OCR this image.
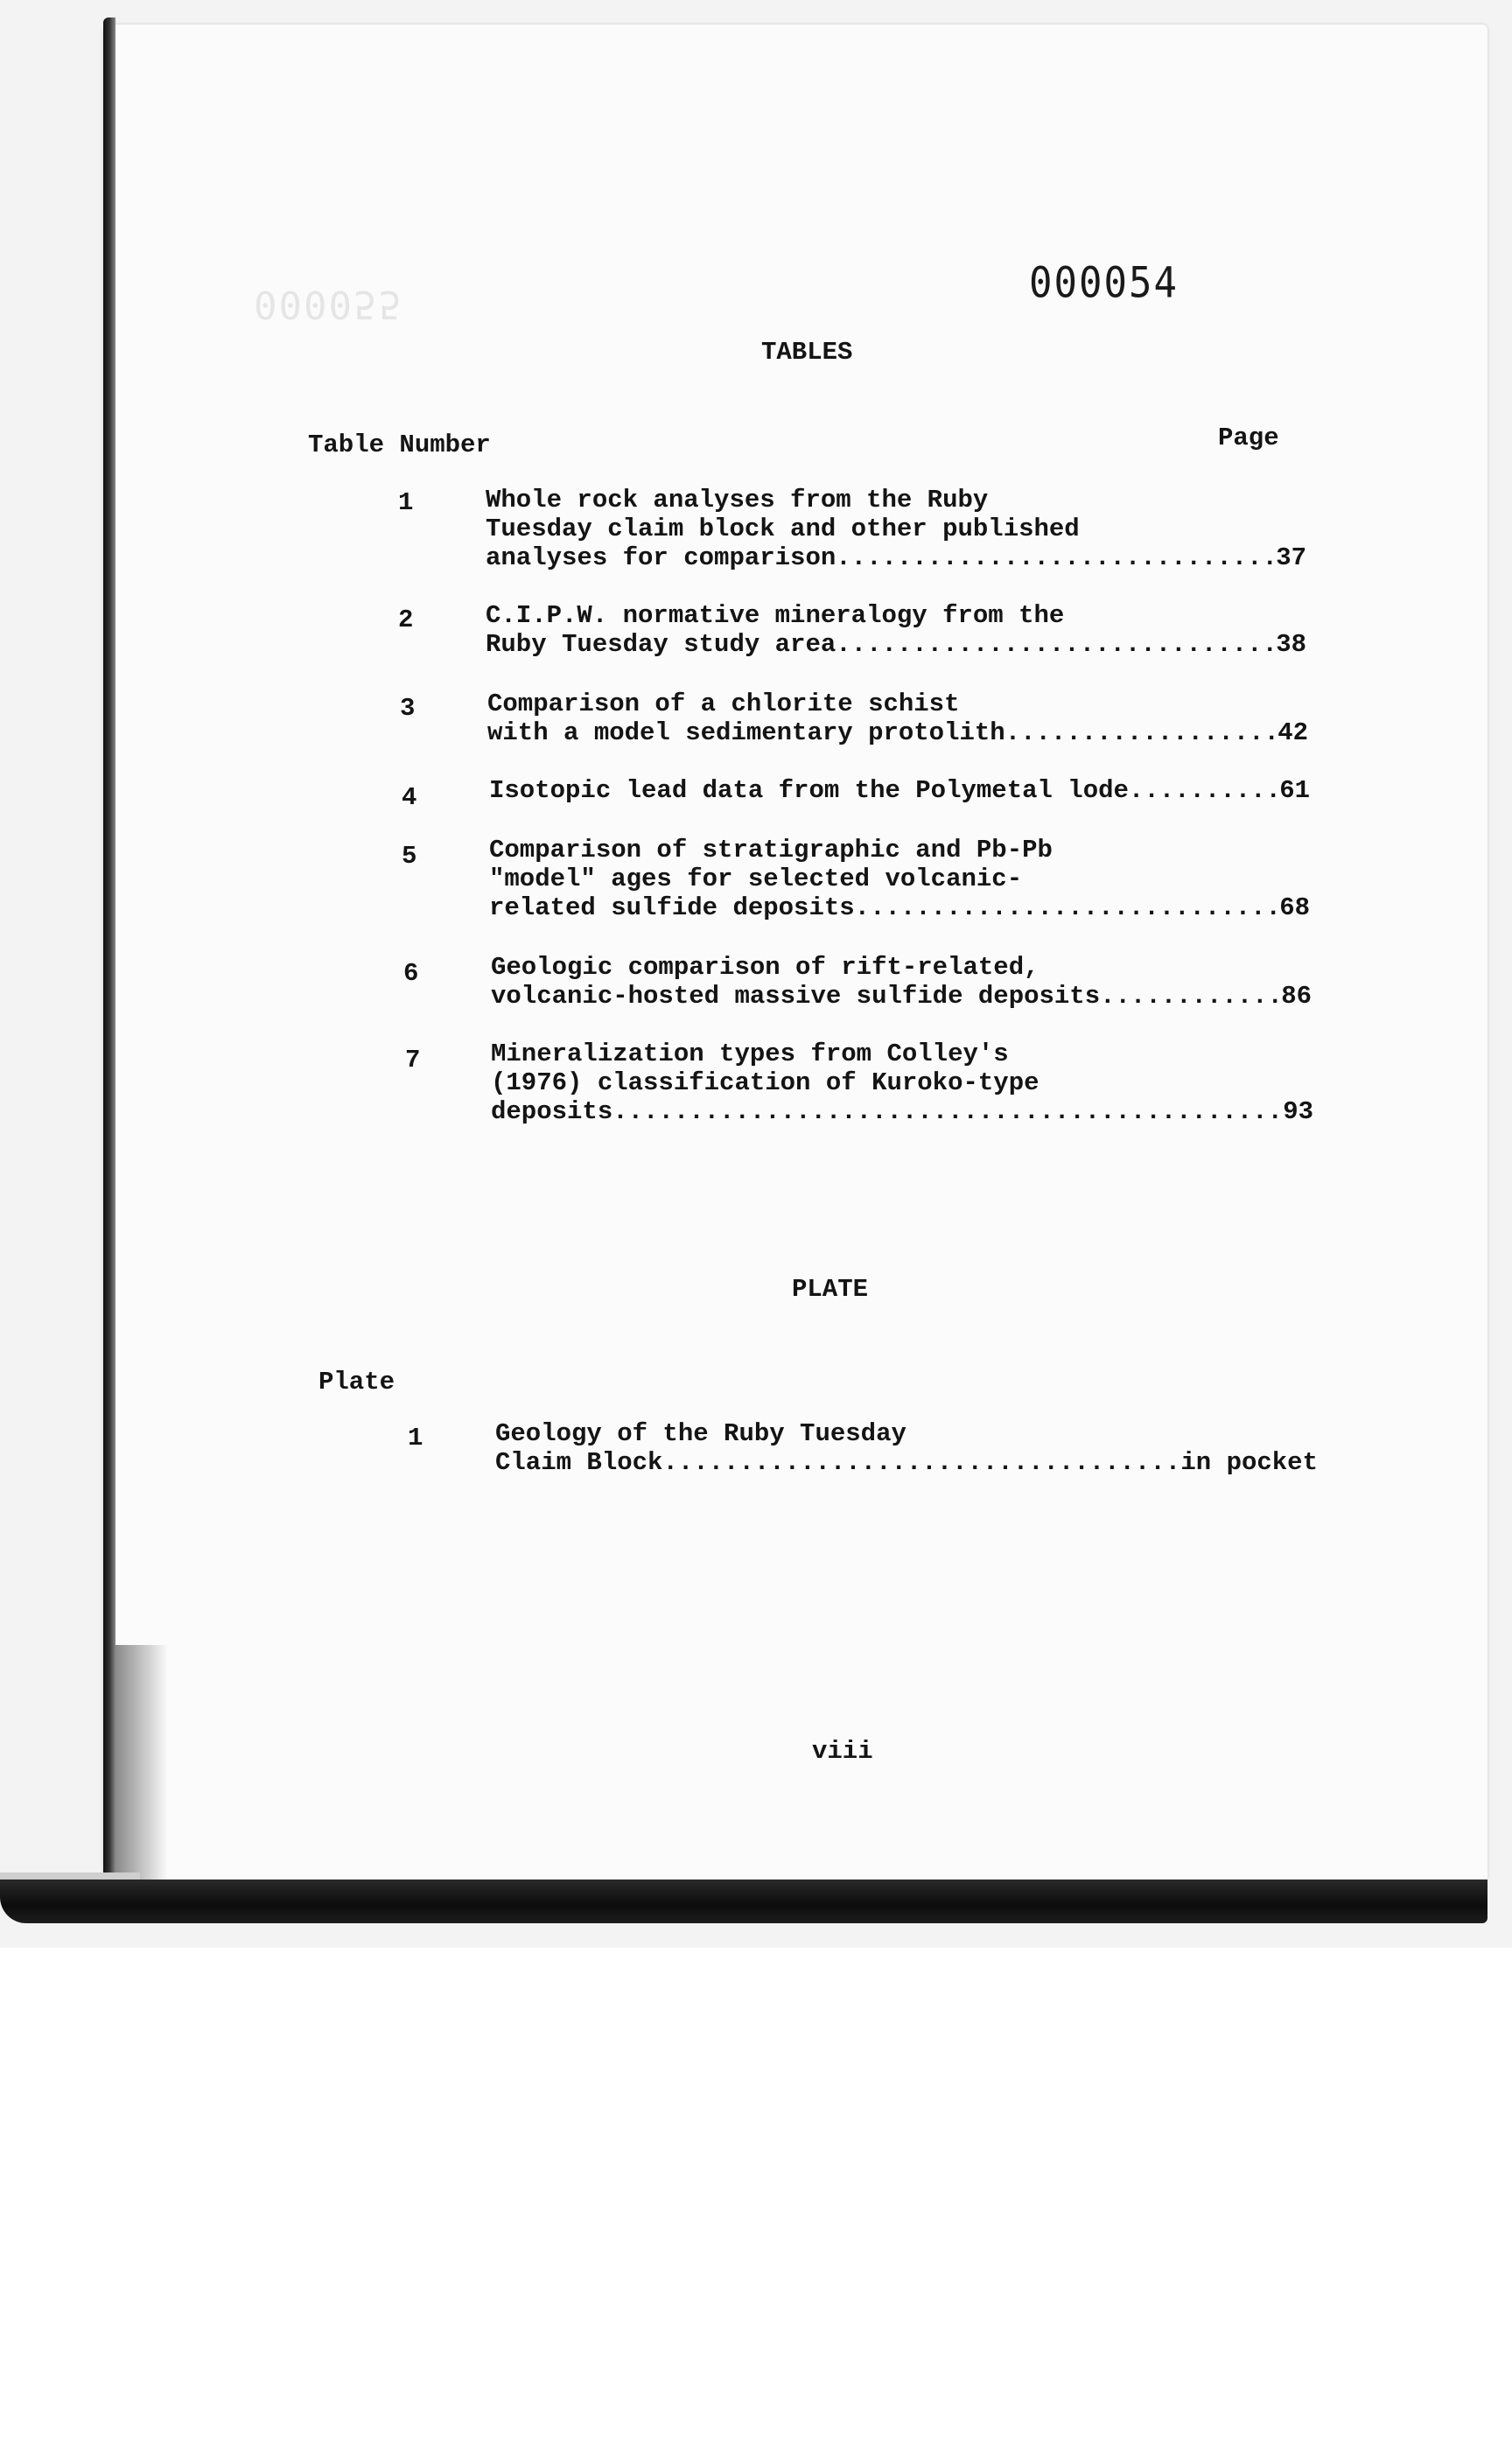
000054
000055
TABLES
Table Number	Page
1	Whole rock analyses from the Ruby
Tuesday claim block and other published
analyses for comparison .....	37
2	C.I.P.W. normative mineralogy from the
Ruby Tuesday study area .....	38
3	Comparison of a chlorite schist
with a model sedimentary protolith .....	42
4	Isotopic lead data from the Polymetal lode .....	61
5	Comparison of stratigraphic and Pb-Pb
"model" ages for selected volcanic-
related sulfide deposits .....	68
6	Geologic comparison of rift-related,
volcanic-hosted massive sulfide deposits .....	86
7	Mineralization types from Colley's
(1976) classification of Kuroko-type
deposits .....	93
PLATE
Plate
1	Geology of the Ruby Tuesday
Claim Block .....	in pocket
viii
